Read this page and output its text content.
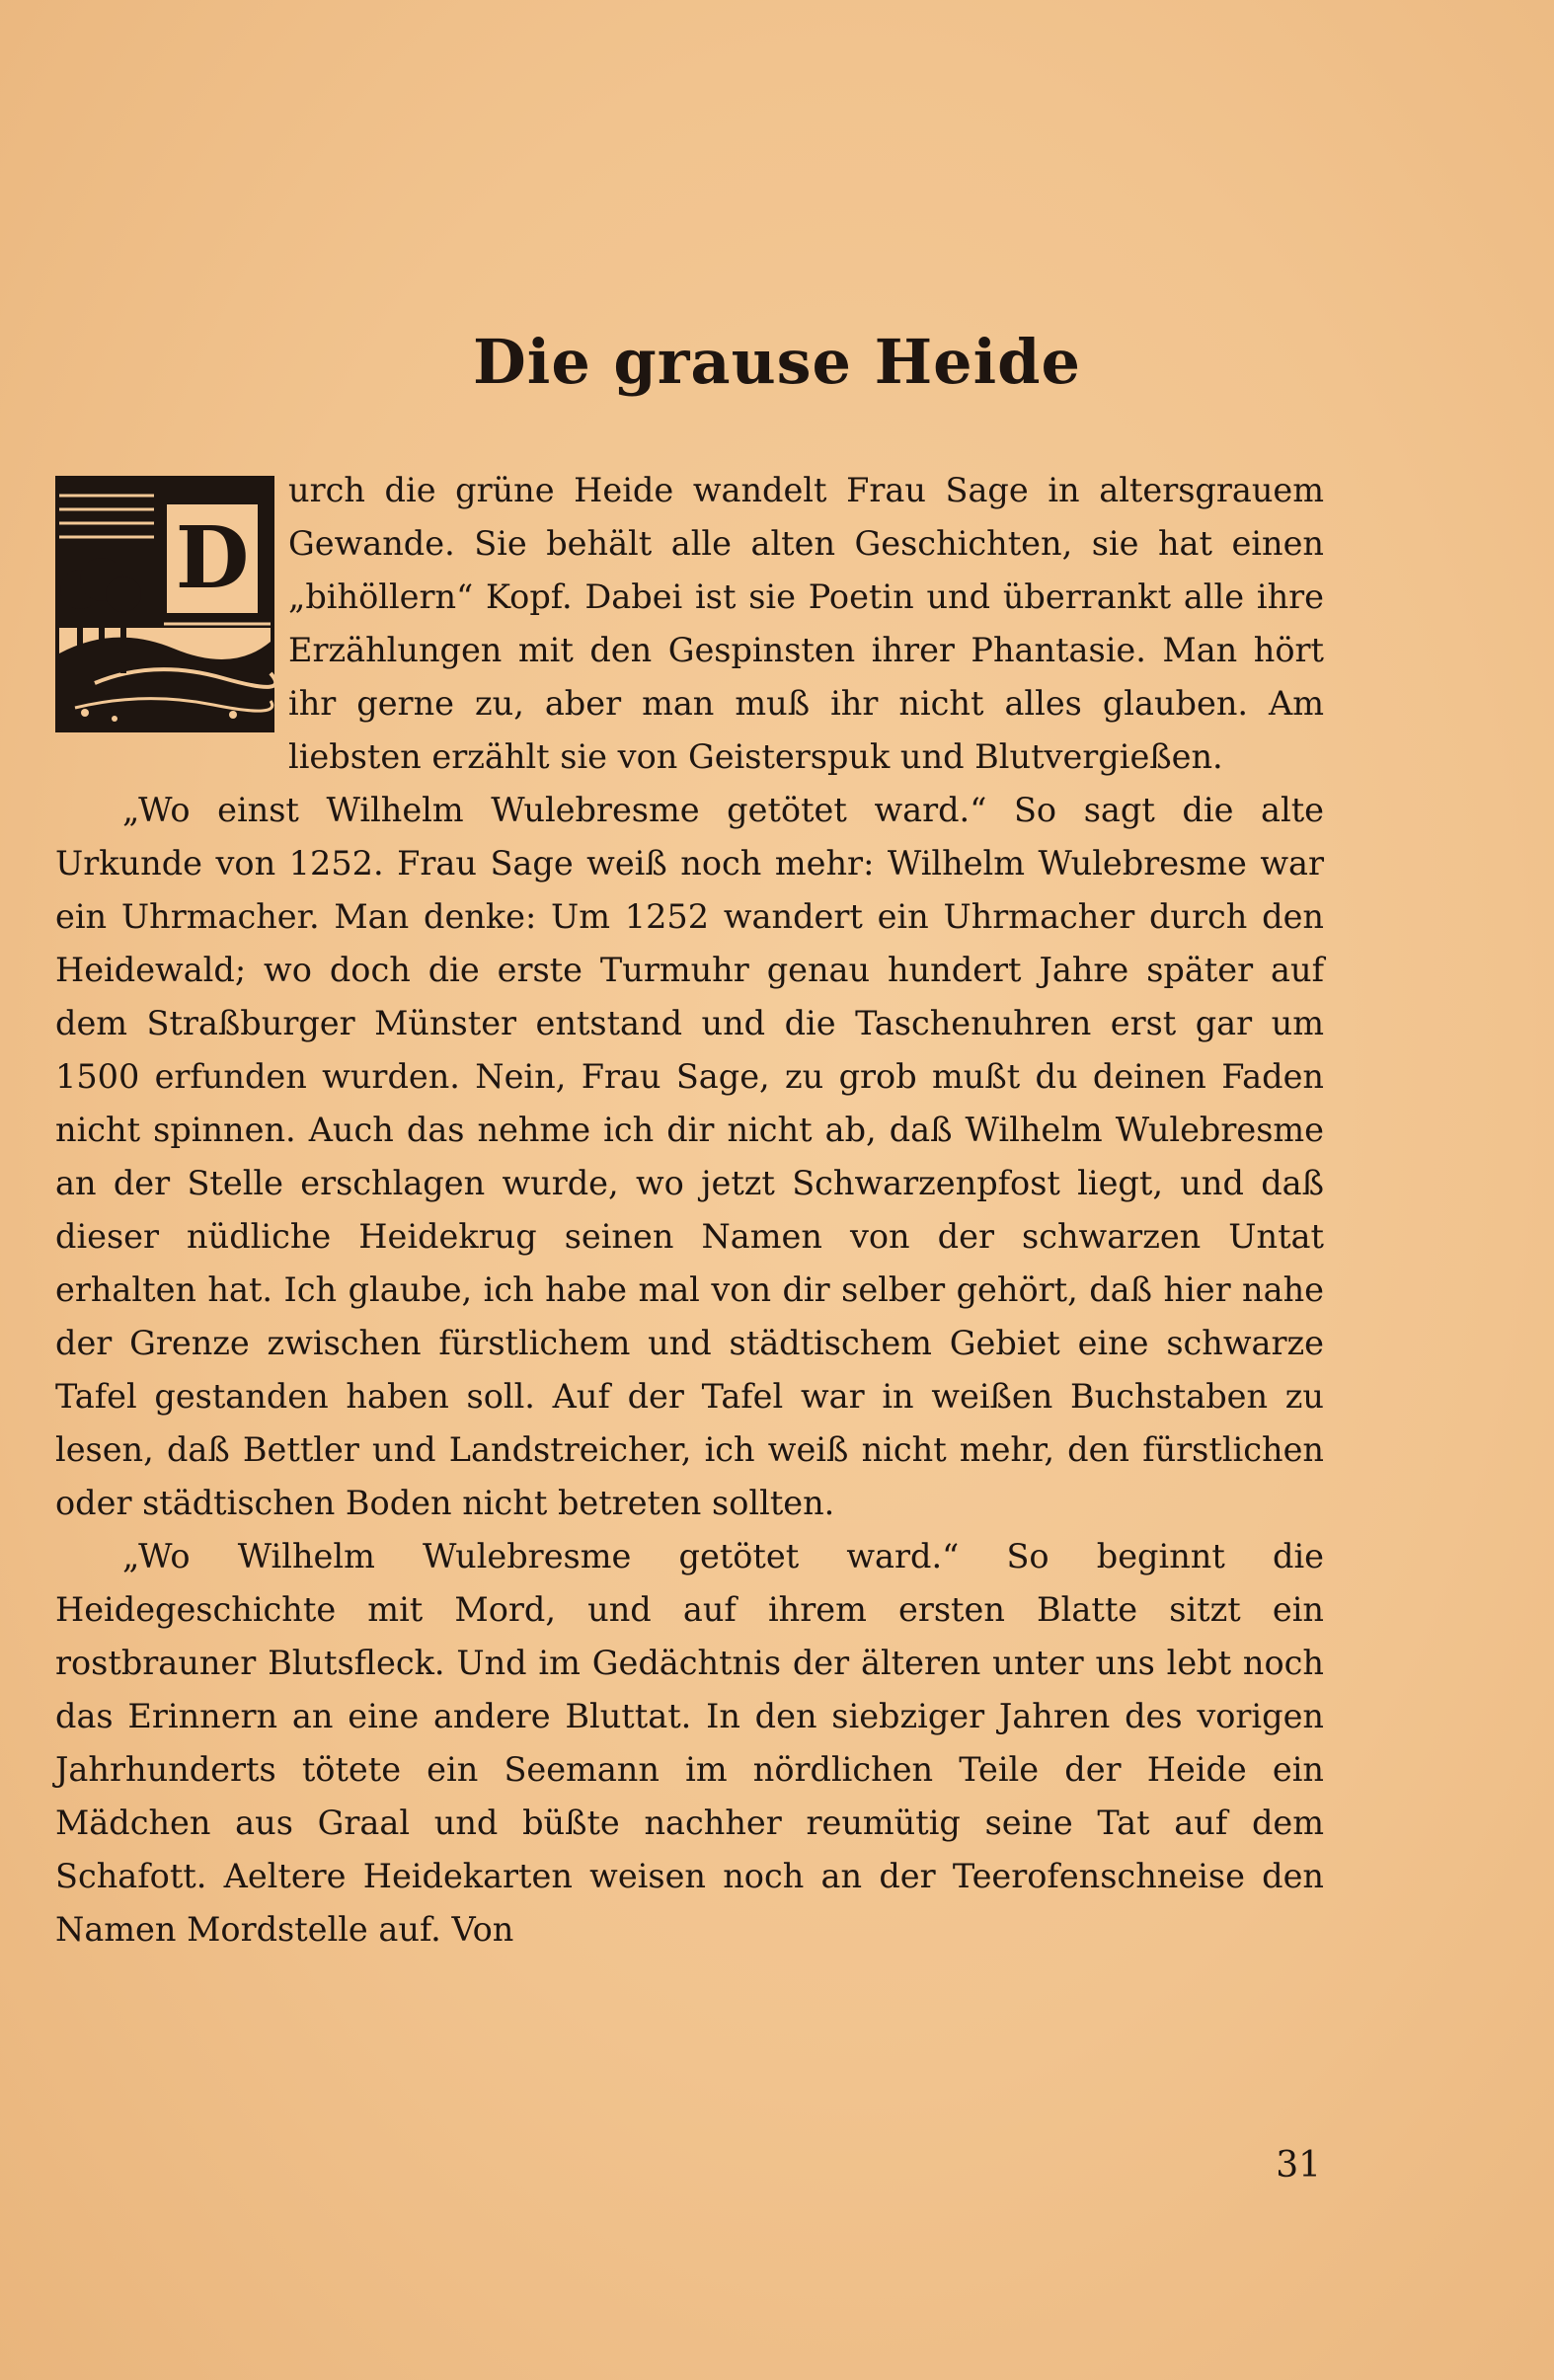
Die grause Heide

D
urch die grüne Heide wandelt Frau Sage in altersgrauem Gewande. Sie behält alle alten Geschichten, sie hat einen „bihöllern“ Kopf. Dabei ist sie Poetin und überrankt alle ihre Erzählungen mit den Gespinsten ihrer Phantasie. Man hört ihr gerne zu, aber man muß ihr nicht alles glauben. Am liebsten erzählt sie von Geisterspuk und Blutvergießen.

„Wo einst Wilhelm Wulebresme getötet ward.“ So sagt die alte Urkunde von 1252. Frau Sage weiß noch mehr: Wilhelm Wulebresme war ein Uhrmacher. Man denke: Um 1252 wandert ein Uhrmacher durch den Heidewald; wo doch die erste Turmuhr genau hundert Jahre später auf dem Straßburger Münster entstand und die Taschenuhren erst gar um 1500 erfunden wurden. Nein, Frau Sage, zu grob mußt du deinen Faden nicht spinnen. Auch das nehme ich dir nicht ab, daß Wilhelm Wulebresme an der Stelle erschlagen wurde, wo jetzt Schwarzenpfost liegt, und daß dieser nüdliche Heidekrug seinen Namen von der schwarzen Untat erhalten hat. Ich glaube, ich habe mal von dir selber gehört, daß hier nahe der Grenze zwischen fürstlichem und städtischem Gebiet eine schwarze Tafel gestanden haben soll. Auf der Tafel war in weißen Buchstaben zu lesen, daß Bettler und Landstreicher, ich weiß nicht mehr, den fürstlichen oder städtischen Boden nicht betreten sollten.

„Wo Wilhelm Wulebresme getötet ward.“ So beginnt die Heidegeschichte mit Mord, und auf ihrem ersten Blatte sitzt ein rostbrauner Blutsfleck. Und im Gedächtnis der älteren unter uns lebt noch das Erinnern an eine andere Bluttat. In den siebziger Jahren des vorigen Jahrhunderts tötete ein Seemann im nördlichen Teile der Heide ein Mädchen aus Graal und büßte nachher reumütig seine Tat auf dem Schafott. Aeltere Heidekarten weisen noch an der Teerofenschneise den Namen Mordstelle auf. Von

31
